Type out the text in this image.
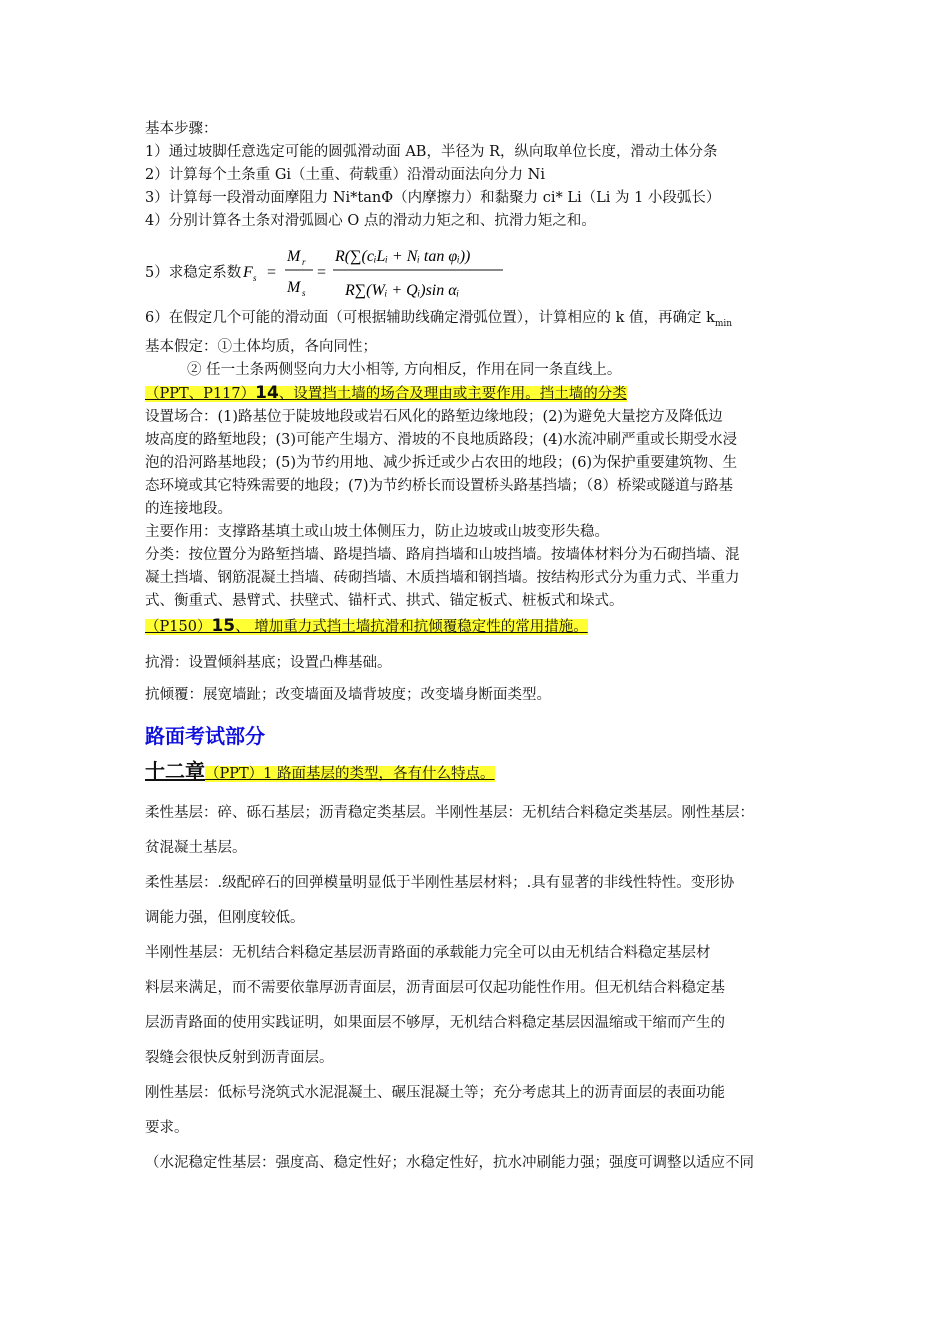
基本步骤：

1）通过坡脚任意选定可能的圆弧滑动面 AB，半径为 R，纵向取单位长度，滑动土体分条

2）计算每个土条重 Gi（土重、荷载重）沿滑动面法向分力 Ni

3）计算每一段滑动面摩阻力 Ni*tanΦ（内摩擦力）和黏聚力 ci* Li（Li 为 1 小段弧长）

4）分别计算各土条对滑弧圆心 O 点的滑动力矩之和、抗滑力矩之和。

5）求稳定系数 F s =
M r
M s
=
R(∑(cᵢLᵢ + Nᵢ tan φᵢ))
R∑(Wᵢ + Qᵢ)sin αᵢ

6）在假定几个可能的滑动面（可根据辅助线确定滑弧位置），计算相应的 k 值，再确定 $k_{min}$

基本假定：①土体均质，各向同性；

② 任一土条两侧竖向力大小相等, 方向相反，作用在同一条直线上。

（PPT、P117）14、设置挡土墙的场合及理由或主要作用。挡土墙的分类

设置场合：(1)路基位于陡坡地段或岩石风化的路堑边缘地段；(2)为避免大量挖方及降低边

坡高度的路堑地段；(3)可能产生塌方、滑坡的不良地质路段；(4)水流冲刷严重或长期受水浸

泡的沿河路基地段；(5)为节约用地、减少拆迁或少占农田的地段；(6)为保护重要建筑物、生

态环境或其它特殊需要的地段；(7)为节约桥长而设置桥头路基挡墙；（8）桥梁或隧道与路基

的连接地段。

主要作用：支撑路基填土或山坡土体侧压力，防止边坡或山坡变形失稳。

分类：按位置分为路堑挡墙、路堤挡墙、路肩挡墙和山坡挡墙。按墙体材料分为石砌挡墙、混

凝土挡墙、钢筋混凝土挡墙、砖砌挡墙、木质挡墙和钢挡墙。按结构形式分为重力式、半重力

式、衡重式、悬臂式、扶壁式、锚杆式、拱式、锚定板式、桩板式和垛式。

（P150）15、 增加重力式挡土墙抗滑和抗倾覆稳定性的常用措施。

抗滑：设置倾斜基底；设置凸榫基础。

抗倾覆：展宽墙趾；改变墙面及墙背坡度；改变墙身断面类型。

路面考试部分

十二章（PPT）1 路面基层的类型，各有什么特点。

柔性基层：碎、砾石基层；沥青稳定类基层。半刚性基层：无机结合料稳定类基层。刚性基层：

贫混凝土基层。

柔性基层：.级配碎石的回弹模量明显低于半刚性基层材料；.具有显著的非线性特性。变形协

调能力强，但刚度较低。

半刚性基层：无机结合料稳定基层沥青路面的承载能力完全可以由无机结合料稳定基层材

料层来满足，而不需要依靠厚沥青面层，沥青面层可仅起功能性作用。但无机结合料稳定基

层沥青路面的使用实践证明，如果面层不够厚，无机结合料稳定基层因温缩或干缩而产生的

裂缝会很快反射到沥青面层。

刚性基层：低标号浇筑式水泥混凝土、碾压混凝土等；充分考虑其上的沥青面层的表面功能

要求。

（水泥稳定性基层：强度高、稳定性好；水稳定性好，抗水冲刷能力强；强度可调整以适应不同
